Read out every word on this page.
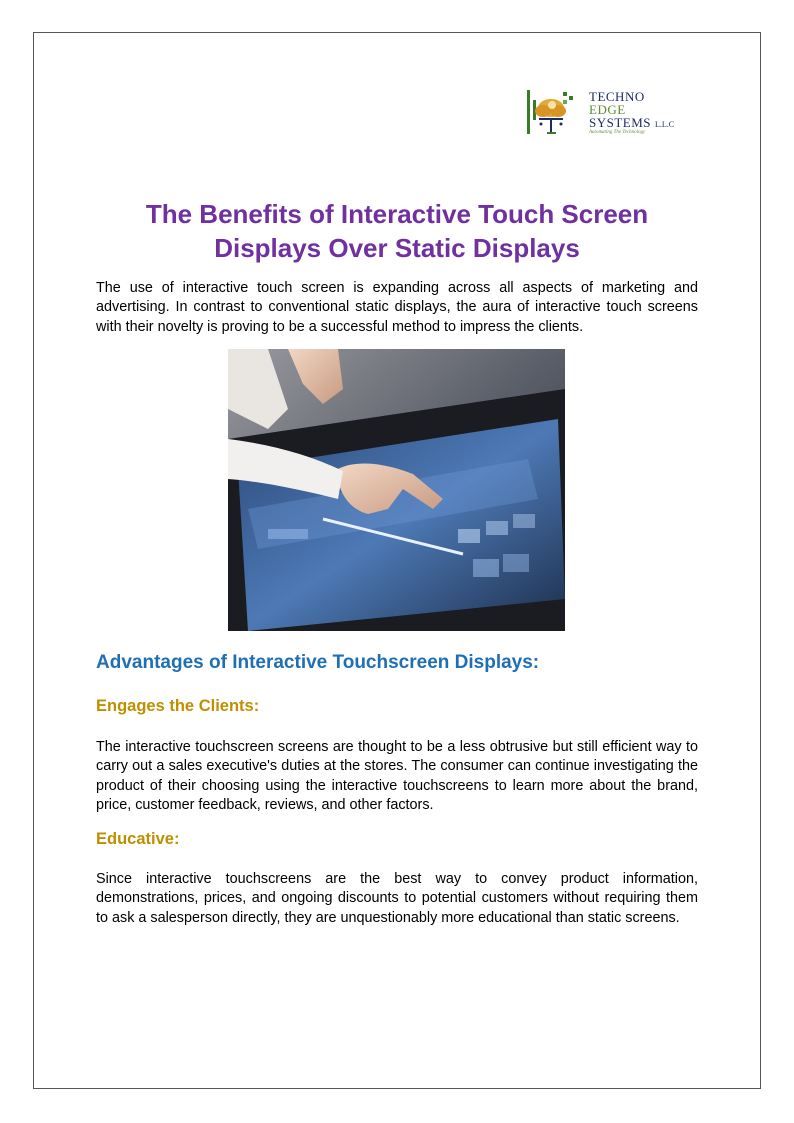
TECHNO
EDGE
SYSTEMS L.L.C
Automating The Technology
The Benefits of Interactive Touch Screen Displays Over Static Displays

The use of interactive touch screen is expanding across all aspects of marketing and advertising. In contrast to conventional static displays, the aura of interactive touch screens with their novelty is proving to be a successful method to impress the clients.

Advantages of Interactive Touchscreen Displays:
Engages the Clients:

The interactive touchscreen screens are thought to be a less obtrusive but still efficient way to carry out a sales executive's duties at the stores. The consumer can continue investigating the product of their choosing using the interactive touchscreens to learn more about the brand, price, customer feedback, reviews, and other factors.

Educative:

Since interactive touchscreens are the best way to convey product information, demonstrations, prices, and ongoing discounts to potential customers without requiring them to ask a salesperson directly, they are unquestionably more educational than static screens.
